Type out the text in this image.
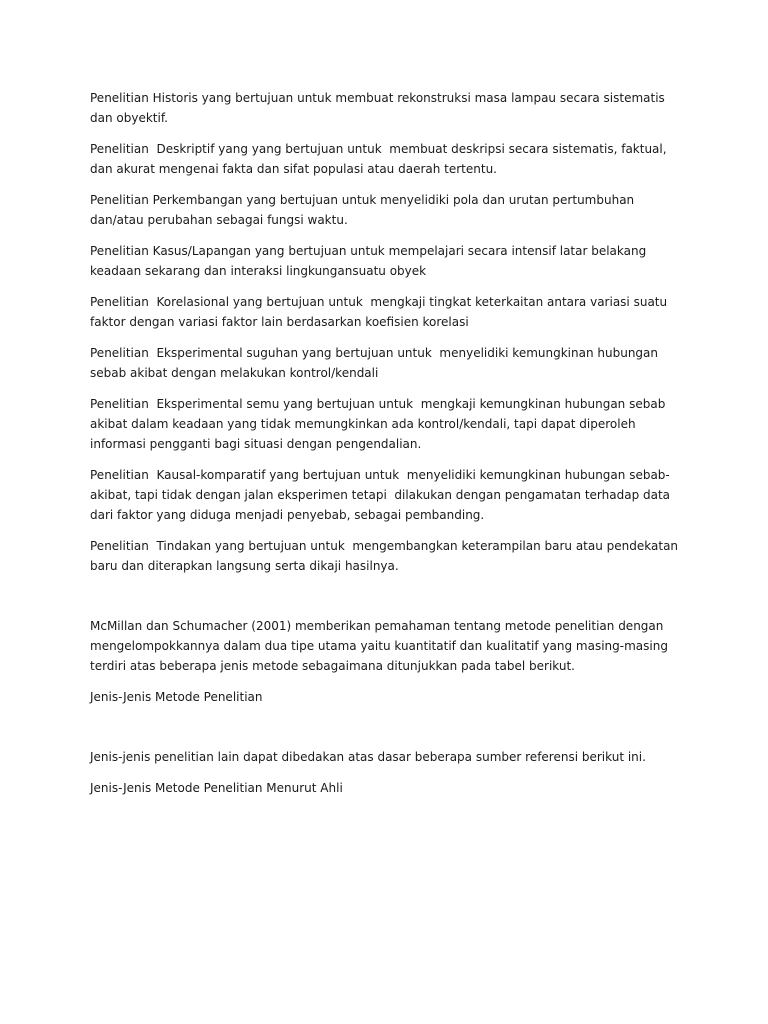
Penelitian Historis yang bertujuan untuk membuat rekonstruksi masa lampau secara sistematis dan obyektif.

Penelitian  Deskriptif yang yang bertujuan untuk  membuat deskripsi secara sistematis, faktual, dan akurat mengenai fakta dan sifat populasi atau daerah tertentu.

Penelitian Perkembangan yang bertujuan untuk menyelidiki pola dan urutan pertumbuhan dan/atau perubahan sebagai fungsi waktu.

Penelitian Kasus/Lapangan yang bertujuan untuk mempelajari secara intensif latar belakang keadaan sekarang dan interaksi lingkungansuatu obyek

Penelitian  Korelasional yang bertujuan untuk  mengkaji tingkat keterkaitan antara variasi suatu faktor dengan variasi faktor lain berdasarkan koefisien korelasi

Penelitian  Eksperimental suguhan yang bertujuan untuk  menyelidiki kemungkinan hubungan sebab akibat dengan melakukan kontrol/kendali

Penelitian  Eksperimental semu yang bertujuan untuk  mengkaji kemungkinan hubungan sebab akibat dalam keadaan yang tidak memungkinkan ada kontrol/kendali, tapi dapat diperoleh informasi pengganti bagi situasi dengan pengendalian.

Penelitian  Kausal-komparatif yang bertujuan untuk  menyelidiki kemungkinan hubungan sebab-akibat, tapi tidak dengan jalan eksperimen tetapi  dilakukan dengan pengamatan terhadap data dari faktor yang diduga menjadi penyebab, sebagai pembanding.

Penelitian  Tindakan yang bertujuan untuk  mengembangkan keterampilan baru atau pendekatan baru dan diterapkan langsung serta dikaji hasilnya.

McMillan dan Schumacher (2001) memberikan pemahaman tentang metode penelitian dengan mengelompokkannya dalam dua tipe utama yaitu kuantitatif dan kualitatif yang masing-masing terdiri atas beberapa jenis metode sebagaimana ditunjukkan pada tabel berikut.

Jenis-Jenis Metode Penelitian

Jenis-jenis penelitian lain dapat dibedakan atas dasar beberapa sumber referensi berikut ini.

Jenis-Jenis Metode Penelitian Menurut Ahli
